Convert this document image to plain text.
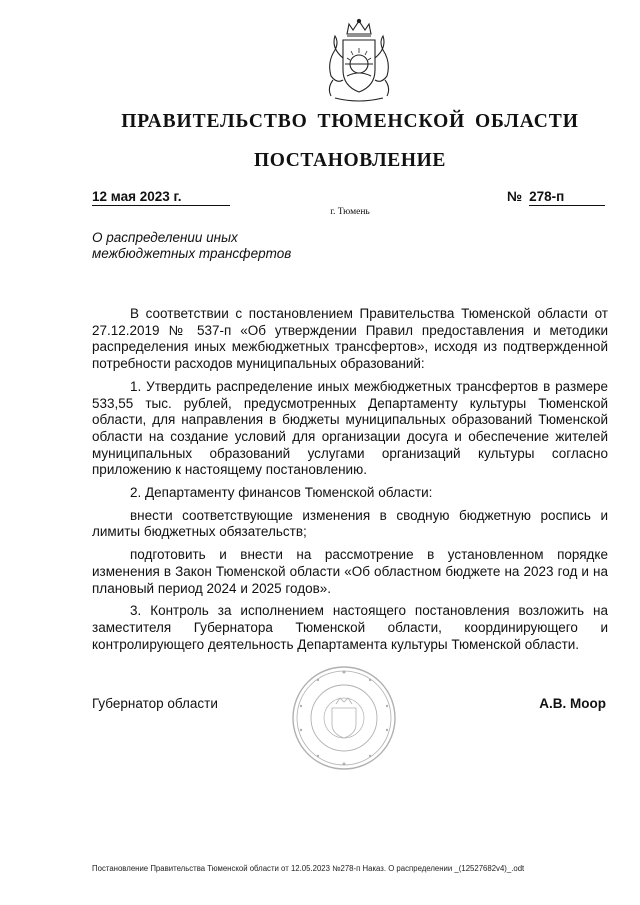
ПРАВИТЕЛЬСТВО ТЮМЕНСКОЙ ОБЛАСТИ
ПОСТАНОВЛЕНИЕ
12 мая 2023 г.	№ 278-п
г. Тюмень
О распределении иных
межбюджетных трансфертов

В соответствии с постановлением Правительства Тюменской области от 27.12.2019 № 537-п «Об утверждении Правил предоставления и методики распределения иных межбюджетных трансфертов», исходя из подтвержденной потребности расходов муниципальных образований:

1. Утвердить распределение иных межбюджетных трансфертов в размере 533,55 тыс. рублей, предусмотренных Департаменту культуры Тюменской области, для направления в бюджеты муниципальных образований Тюменской области на создание условий для организации досуга и обеспечение жителей муниципальных образований услугами организаций культуры согласно приложению к настоящему постановлению.

2. Департаменту финансов Тюменской области:

внести соответствующие изменения в сводную бюджетную роспись и лимиты бюджетных обязательств;

подготовить и внести на рассмотрение в установленном порядке изменения в Закон Тюменской области «Об областном бюджете на 2023 год и на плановый период 2024 и 2025 годов».

3. Контроль за исполнением настоящего постановления возложить на заместителя Губернатора Тюменской области, координирующего и контролирующего деятельность Департамента культуры Тюменской области.

Губернатор области	А.В. Моор
Постановление Правительства Тюменской области от 12.05.2023 №278-п Наказ. О распределении _(12527682v4)_.odt
